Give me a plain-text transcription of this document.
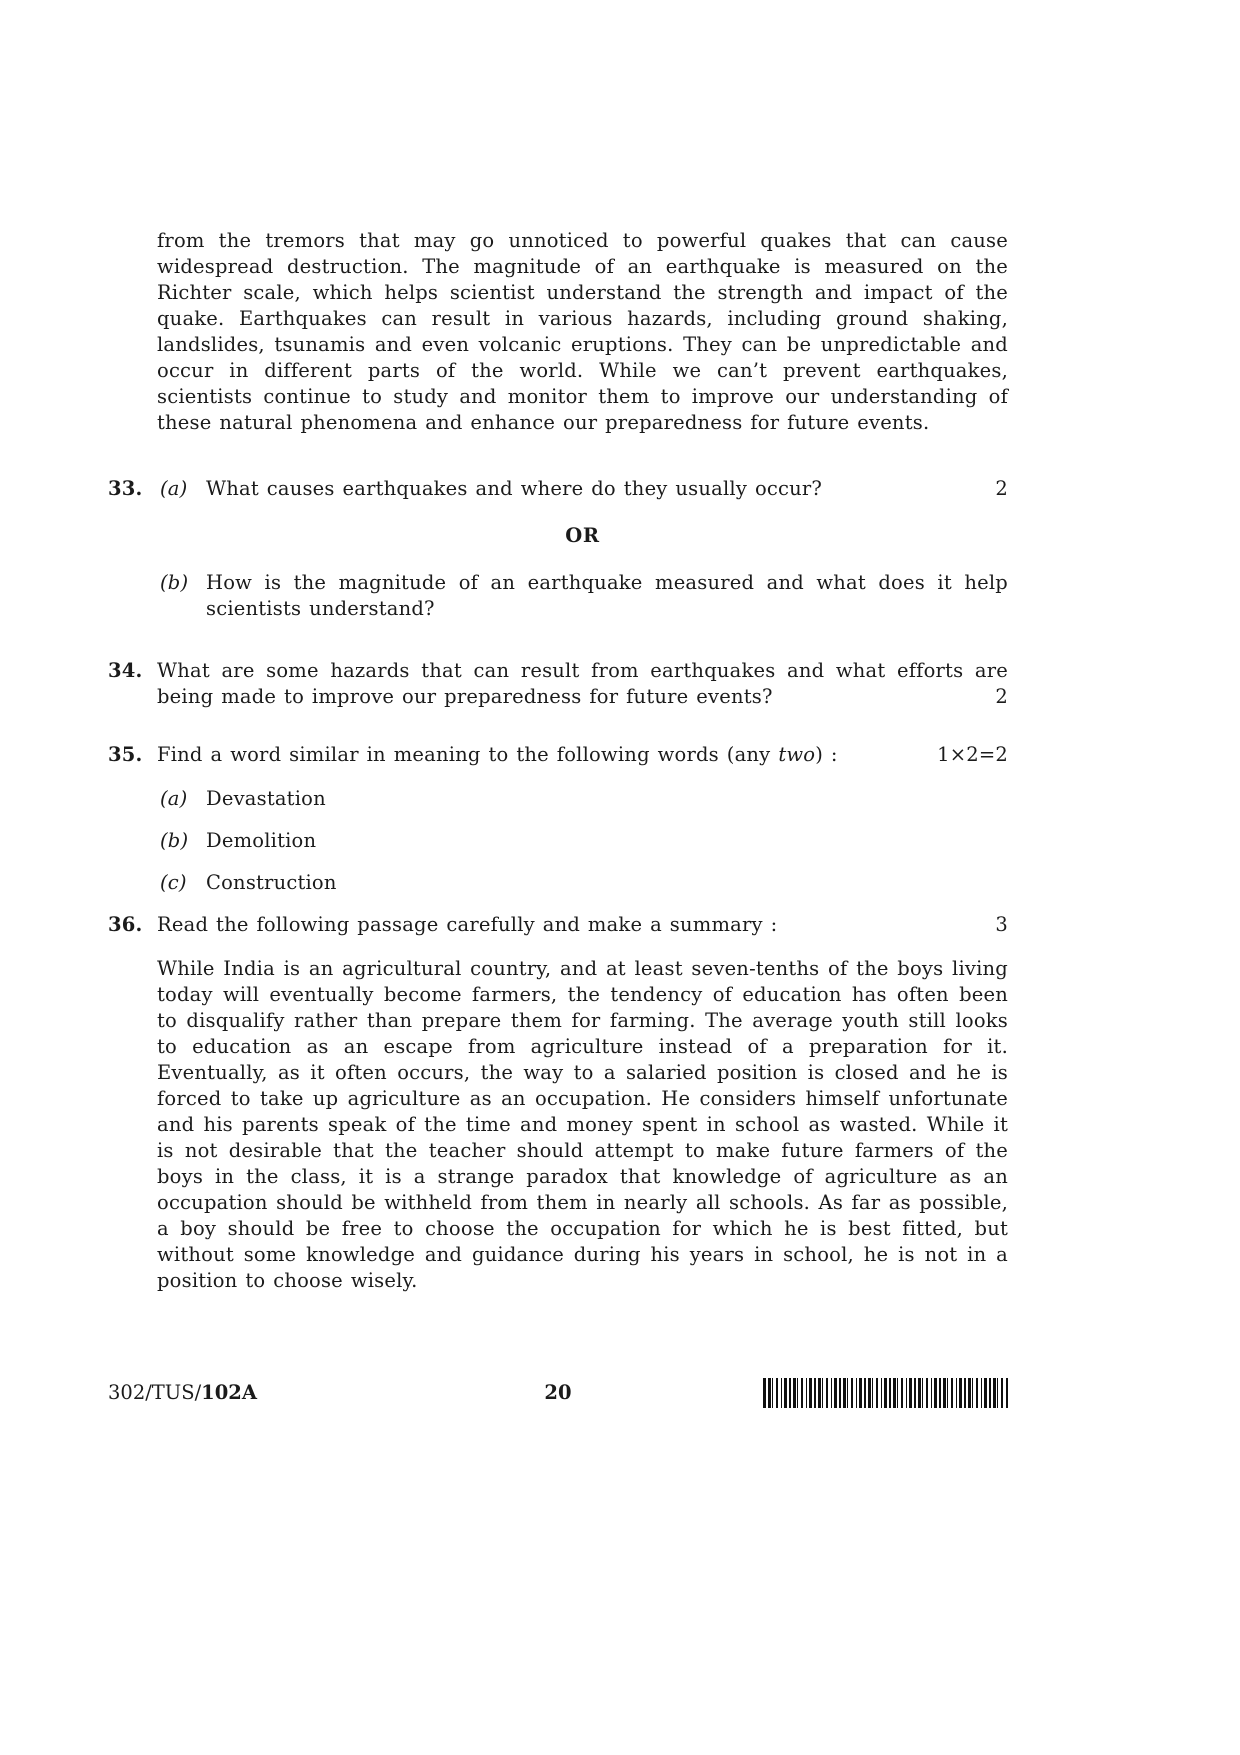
from the tremors that may go unnoticed to powerful quakes that can cause widespread destruction. The magnitude of an earthquake is measured on the Richter scale, which helps scientist understand the strength and impact of the quake. Earthquakes can result in various hazards, including ground shaking, landslides, tsunamis and even volcanic eruptions. They can be unpredictable and occur in different parts of the world. While we can’t prevent earthquakes, scientists continue to study and monitor them to improve our understanding of these natural phenomena and enhance our preparedness for future events.

33. (a) What causes earthquakes and where do they usually occur?	2
OR
(b) How is the magnitude of an earthquake measured and what does it help scientists understand?

34. What are some hazards that can result from earthquakes and what efforts are being made to improve our preparedness for future events?	2
35. Find a word similar in meaning to the following words (any two) :	1×2=2
(a) Devastation

(b) Demolition

(c) Construction

36. Read the following passage carefully and make a summary :	3

While India is an agricultural country, and at least seven-tenths of the boys living today will eventually become farmers, the tendency of education has often been to disqualify rather than prepare them for farming. The average youth still looks to education as an escape from agriculture instead of a preparation for it. Eventually, as it often occurs, the way to a salaried position is closed and he is forced to take up agriculture as an occupation. He considers himself unfortunate and his parents speak of the time and money spent in school as wasted. While it is not desirable that the teacher should attempt to make future farmers of the boys in the class, it is a strange paradox that knowledge of agriculture as an occupation should be withheld from them in nearly all schools. As far as possible, a boy should be free to choose the occupation for which he is best fitted, but without some knowledge and guidance during his years in school, he is not in a position to choose wisely.

302/TUS/102A	20
